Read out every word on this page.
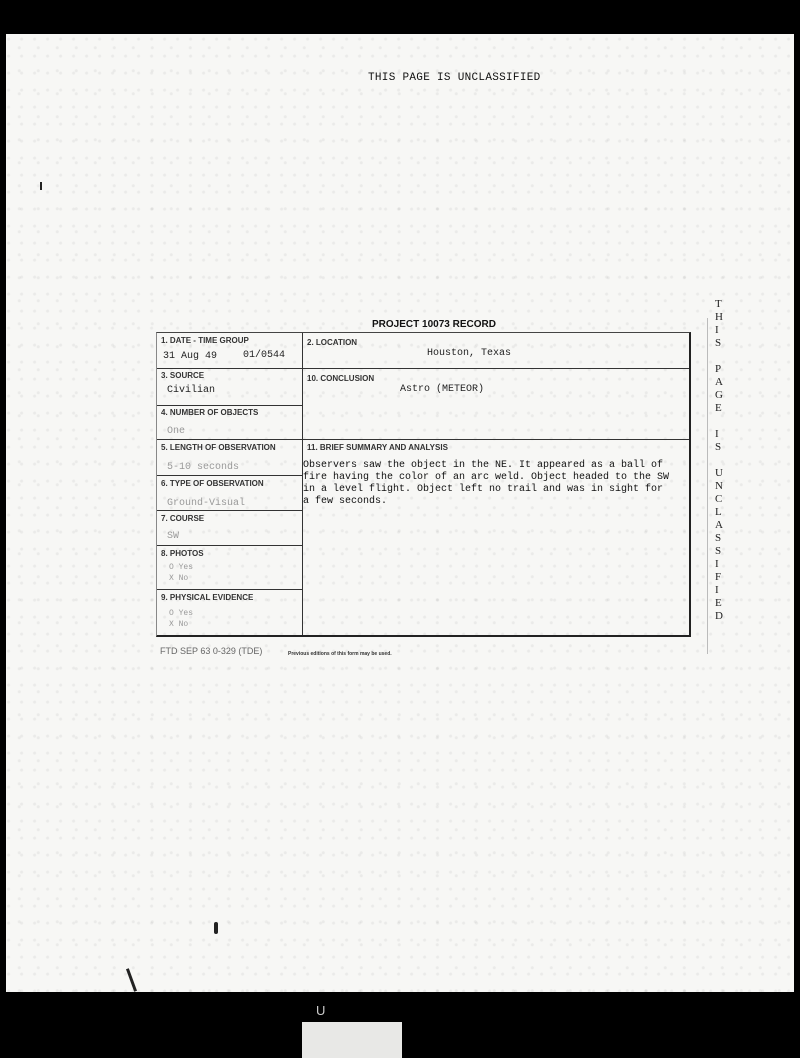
U
THIS PAGE IS UNCLASSIFIED
PROJECT 10073 RECORD
1. DATE - TIME GROUP
31 Aug 49	01/0544
2. LOCATION
Houston, Texas
3. SOURCE
Civilian
10. CONCLUSION
Astro (METEOR)
4. NUMBER OF OBJECTS
One
5. LENGTH OF OBSERVATION
5-10 seconds
11. BRIEF SUMMARY AND ANALYSIS
6. TYPE OF OBSERVATION
Ground-Visual
7. COURSE
SW
8. PHOTOS
O Yes
X No
9. PHYSICAL EVIDENCE
O Yes
X No
Observers saw the object in the NE. It appeared as a ball of
fire having the color of an arc weld. Object headed to the SW
in a level flight. Object left no trail and was in sight for
a few seconds.
FTD SEP 63 0-329 (TDE)	Previous editions of this form may be used.
T
H
I
S
P
A
G
E
I
S
U
N
C
L
A
S
S
I
F
I
E
D
